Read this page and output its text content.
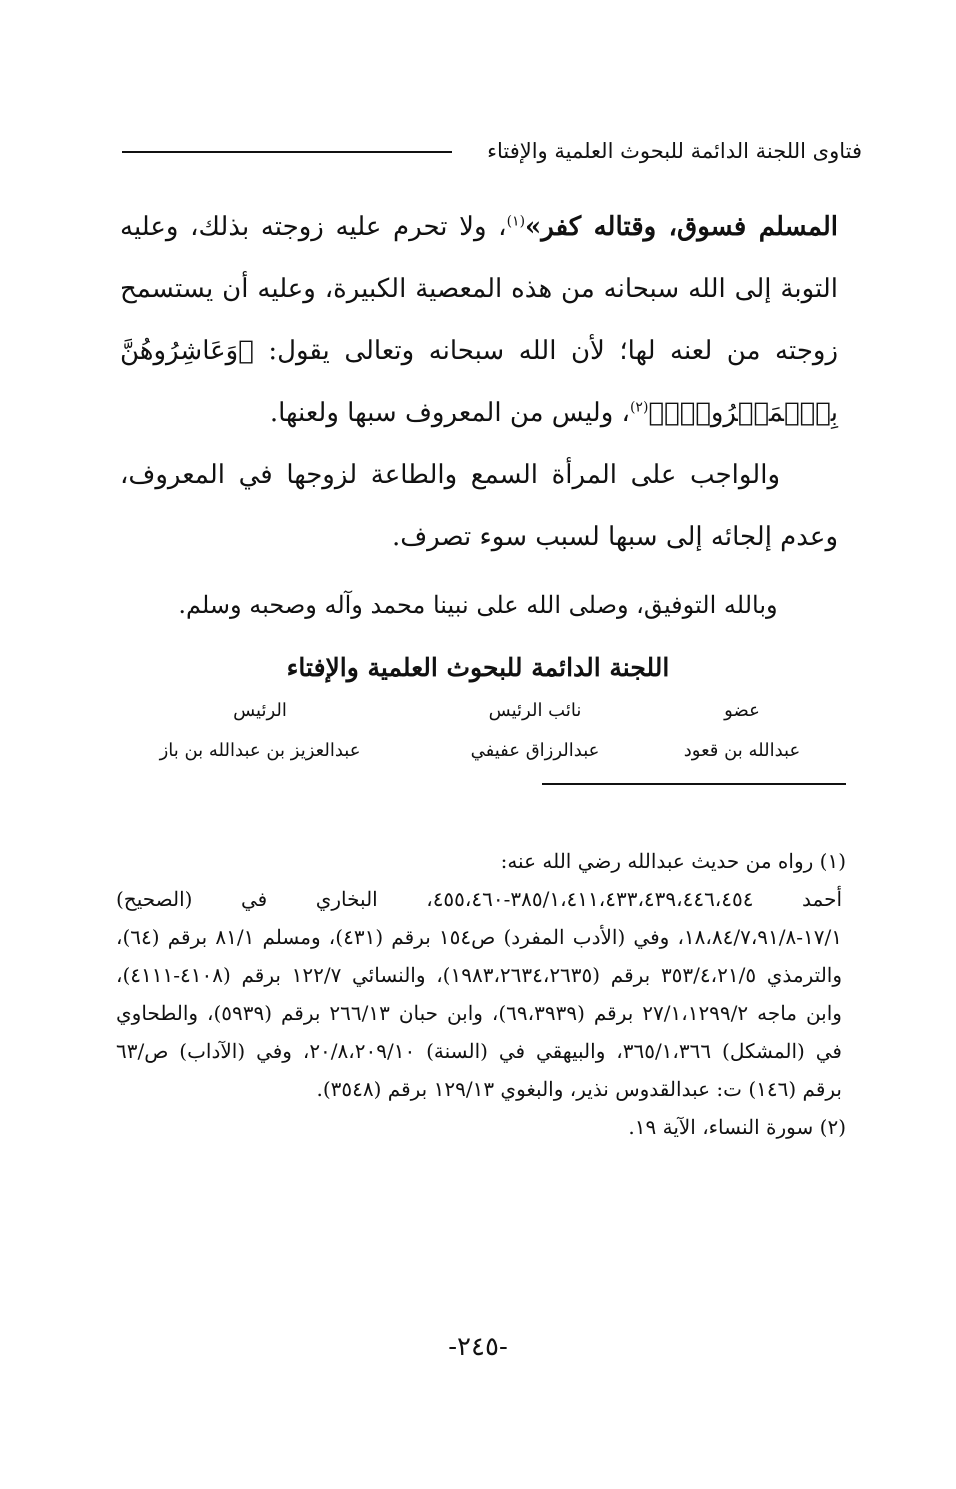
فتاوى اللجنة الدائمة للبحوث العلمية والإفتاء

المسلم فسوق، وقتاله كفر»$^{(١)}$، ولا تحرم عليه زوجته بذلك، وعليه التوبة إلى الله سبحانه من هذه المعصية الكبيرة، وعليه أن يستسمح زوجته من لعنه لها؛ لأن الله سبحانه وتعالى يقول: ﴿وَعَاشِرُوهُنَّ بِٱلۡمَعۡرُوفِۚ﴾$^{(٢)}$، وليس من المعروف سبها ولعنها.

والواجب على المرأة السمع والطاعة لزوجها في المعروف، وعدم إلجائه إلى سبها لسبب سوء تصرف.

وبالله التوفيق، وصلى الله على نبينا محمد وآله وصحبه وسلم.
اللجنة الدائمة للبحوث العلمية والإفتاء
عضو
نائب الرئيس
الرئيس
عبدالله بن قعود
عبدالرزاق عفيفي
عبدالعزيز بن عبدالله بن باز

(١) رواه من حديث عبدالله رضي الله عنه:

أحمد ٣٨٥/١،٤١١،٤٣٣،٤٣٩،٤٤٦،٤٥٤-٤٥٥،٤٦٠، البخاري في (الصحيح) ١٧/١-١٨،٨٤/٧،٩١/٨، وفي (الأدب المفرد) ص١٥٤ برقم (٤٣١)، ومسلم ٨١/١ برقم (٦٤)، والترمذي ٣٥٣/٤،٢١/٥ برقم (١٩٨٣،٢٦٣٤،٢٦٣٥)، والنسائي ١٢٢/٧ برقم (٤١٠٨-٤١١١)، وابن ماجه ٢٧/١،١٢٩٩/٢ برقم (٦٩،٣٩٣٩)، وابن حبان ٢٦٦/١٣ برقم (٥٩٣٩)، والطحاوي في (المشكل) ٣٦٥/١،٣٦٦، والبيهقي في (السنة) ٢٠/٨،٢٠٩/١٠، وفي (الآداب) ص/٦٣ برقم (١٤٦) ت: عبدالقدوس نذير، والبغوي ١٢٩/١٣ برقم (٣٥٤٨).

(٢) سورة النساء، الآية ١٩.

-٢٤٥-
